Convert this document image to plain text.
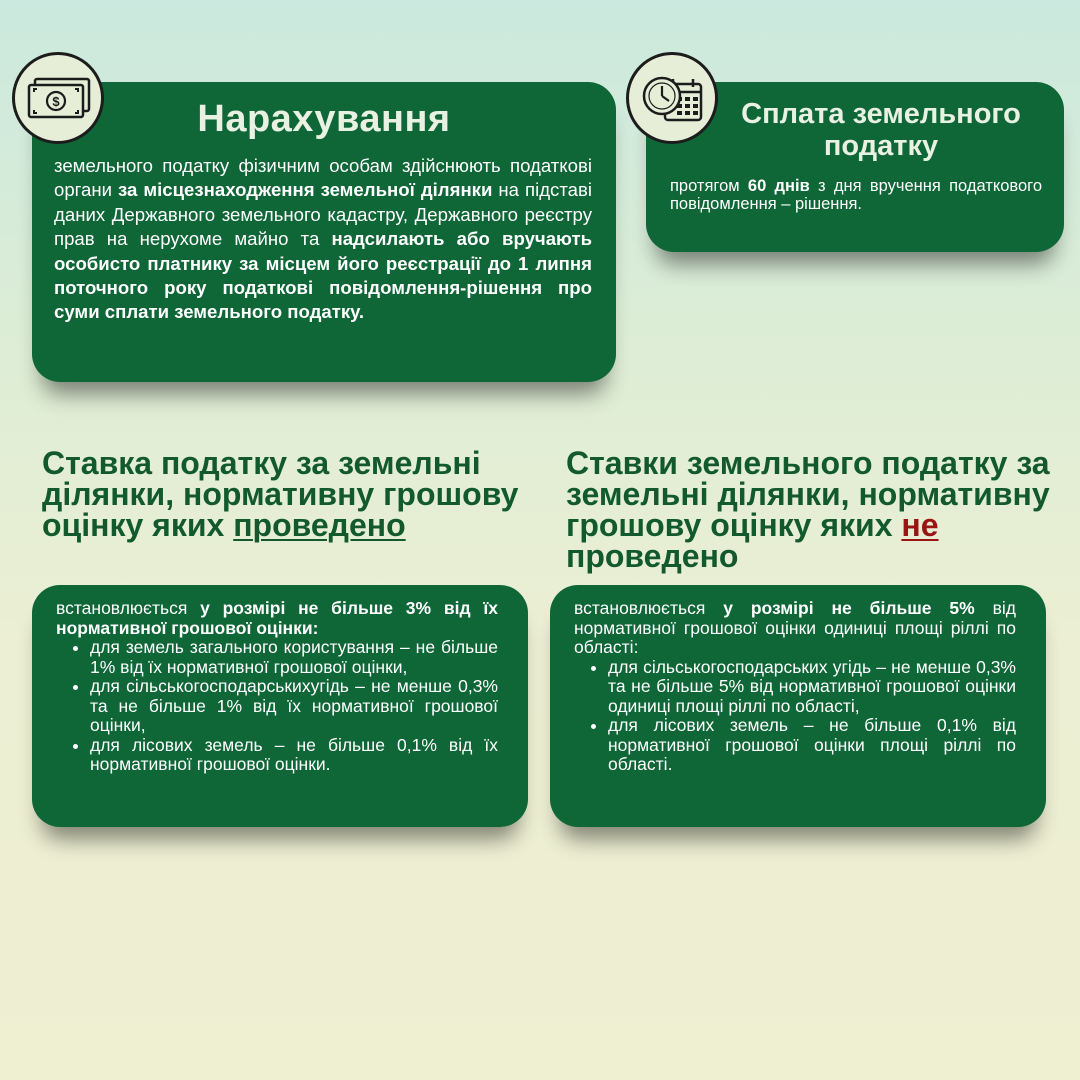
Нарахування
земельного податку фізичним особам здійснюють податкові органи за місцезнаходження земельної ділянки на підставі даних Державного земельного кадастру, Державного реєстру прав на нерухоме майно та надсилають або вручають особисто платнику за місцем його реєстрації до 1 липня поточного року податкові повідомлення-рішення про суми сплати земельного податку.
$	Сплата земельного податку
протягом 60 днів з дня вручення податкового повідомлення – рішення.
Ставка податку за земельні ділянки, нормативну грошову оцінку яких проведено
Ставки земельного податку за земельні ділянки, нормативну грошову оцінку яких не проведено
встановлюється у розмірі не більше 3% від їх нормативної грошової оцінки:
• для земель загального користування – не більше 1% від їх нормативної грошової оцінки,
• для сільськогосподарськихугідь – не менше 0,3% та не більше 1% від їх нормативної грошової оцінки,
• для лісових земель – не більше 0,1% від їх нормативної грошової оцінки.
встановлюється у розмірі не більше 5% від нормативної грошової оцінки одиниці площі ріллі по області:
• для сільськогосподарських угідь – не менше 0,3% та не більше 5% від нормативної грошової оцінки одиниці площі ріллі по області,
• для лісових земель – не більше 0,1% від нормативної грошової оцінки площі ріллі по області.
